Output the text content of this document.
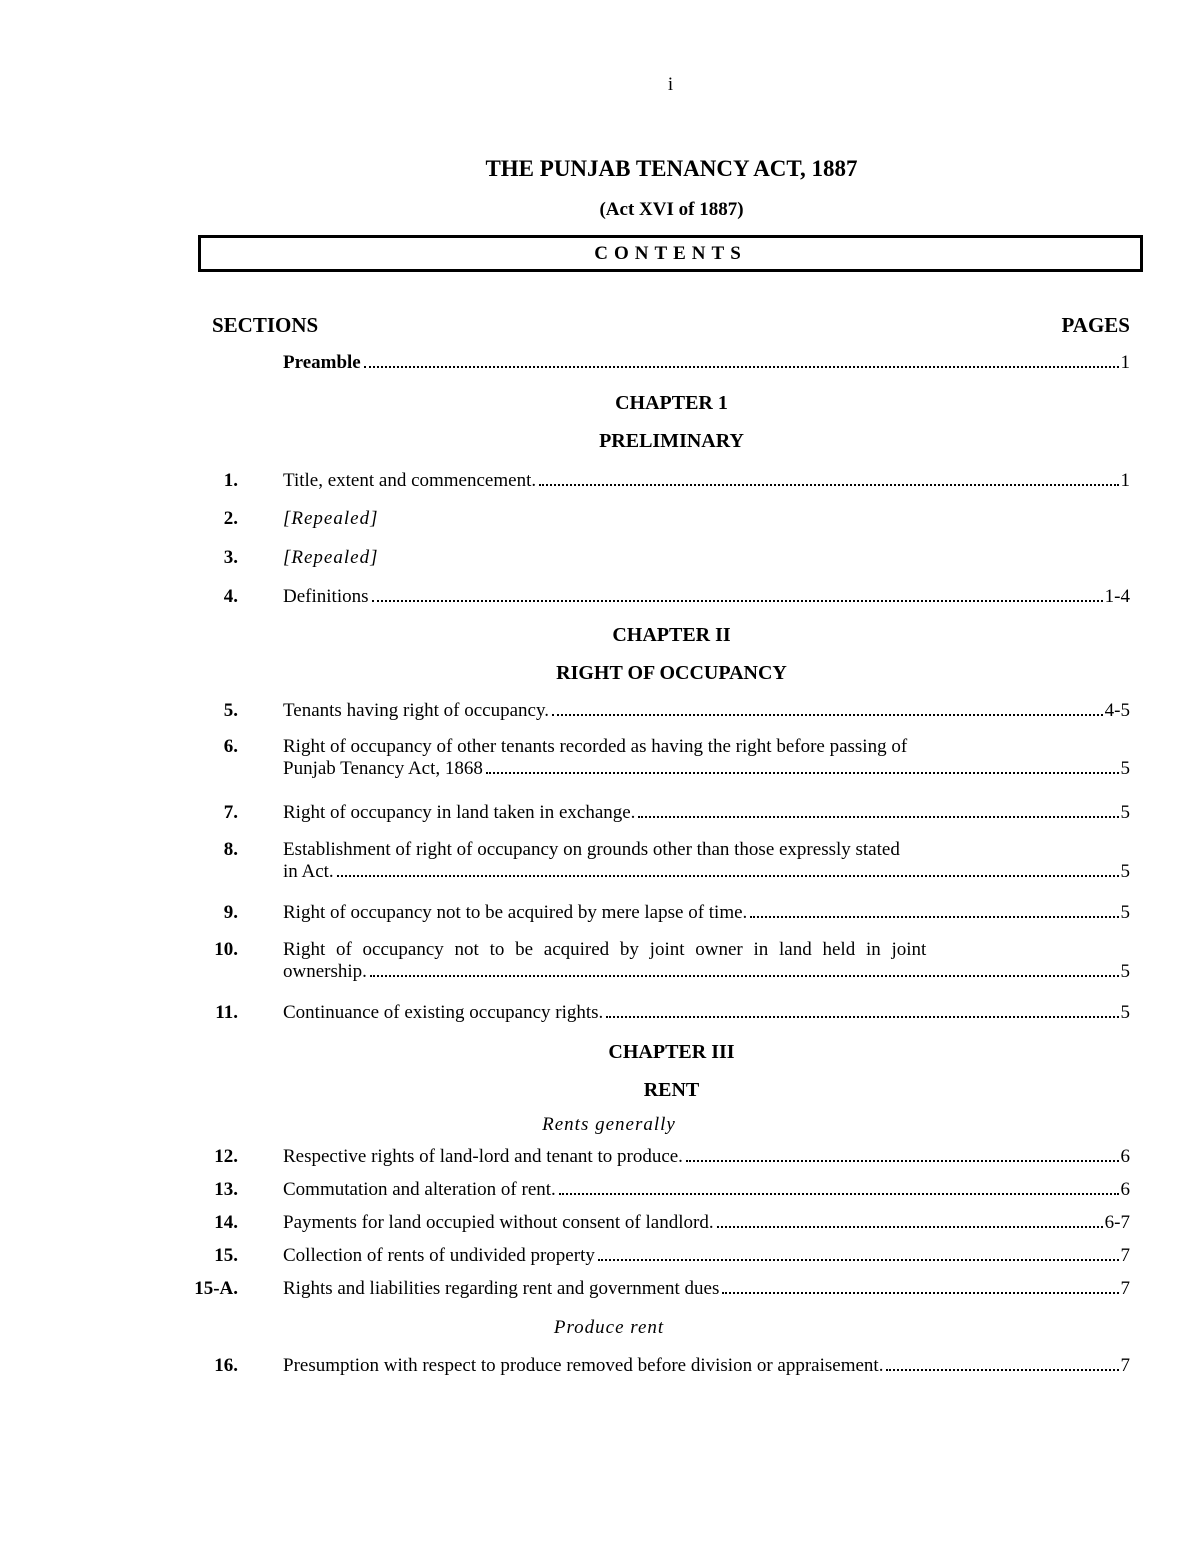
i
THE PUNJAB TENANCY ACT, 1887
(Act XVI of 1887)
CONTENTS
SECTIONS	PAGES
Preamble	1
CHAPTER 1
PRELIMINARY
1. Title, extent and commencement.	1
2. [Repealed]
3. [Repealed]
4. Definitions	1-4
CHAPTER II
RIGHT OF OCCUPANCY
5. Tenants having right of occupancy.	4-5
6. Right of occupancy of other tenants recorded as having the right before passing of
Punjab Tenancy Act, 1868	5
7. Right of occupancy in land taken in exchange.	5
8. Establishment of right of occupancy on grounds other than those expressly stated
in Act.	5
9. Right of occupancy not to be acquired by mere lapse of time.	5
10. Right of occupancy not to be acquired by joint owner in land held in joint
ownership.	5
11. Continuance of existing occupancy rights.	5
CHAPTER III
RENT
Rents generally
12. Respective rights of land-lord and tenant to produce.	6
13. Commutation and alteration of rent.	6
14. Payments for land occupied without consent of landlord.	6-7
15. Collection of rents of undivided property	7
15-A. Rights and liabilities regarding rent and government dues	7
Produce rent
16. Presumption with respect to produce removed before division or appraisement.	7
